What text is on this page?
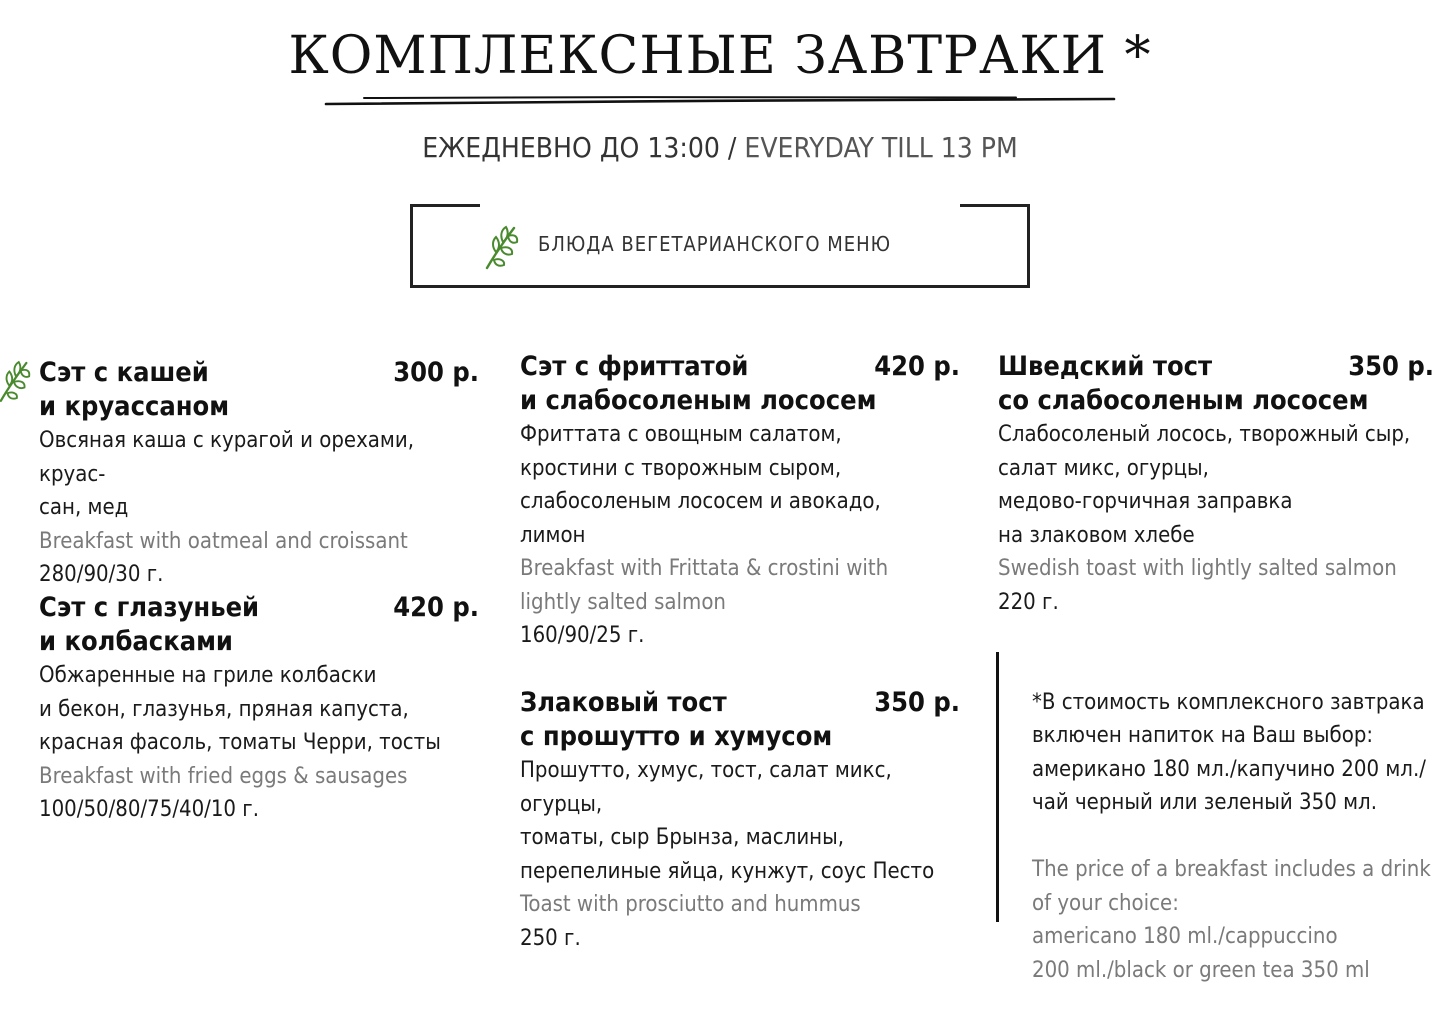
КОМПЛЕКСНЫЕ ЗАВТРАКИ *
ЕЖЕДНЕВНО ДО 13:00 / EVERYDAY TILL 13 PM
БЛЮДА ВЕГЕТАРИАНСКОГО МЕНЮ
Сэт с кашей
и круассаном
300 р.
Овсяная каша с курагой и орехами, круас-
сан, мед
Breakfast with oatmeal and croissant
280/90/30 г.
Сэт с глазуньей
и колбасками
420 р.
Обжаренные на гриле колбаски
и бекон, глазунья, пряная капуста,
красная фасоль, томаты Черри, тосты
Breakfast with fried eggs & sausages
100/50/80/75/40/10 г.
Сэт с фриттатой
и слабосоленым лососем
420 р.
Фриттата с овощным салатом,
кростини с творожным сыром,
слабосоленым лососем и авокадо,
лимон
Breakfast with Frittata & crostini with
lightly salted salmon
160/90/25 г.
Злаковый тост
с прошутто и хумусом
350 р.
Прошутто, хумус, тост, салат микс, огурцы,
томаты, сыр Брынза, маслины,
перепелиные яйца, кунжут, соус Песто
Toast with prosciutto and hummus
250 г.
Шведский тост
со слабосоленым лососем
350 р.
Слабосоленый лосось, творожный сыр,
салат микс, огурцы,
медово-горчичная заправка
на злаковом хлебе
Swedish toast with lightly salted salmon
220 г.

*В стоимость комплексного завтрака
включен напиток на Ваш выбор:
американо 180 мл./капучино 200 мл./
чай черный или зеленый 350 мл.

The price of a breakfast includes a drink
of your choice:
americano 180 ml./cappuccino
200 ml./black or green tea 350 ml
